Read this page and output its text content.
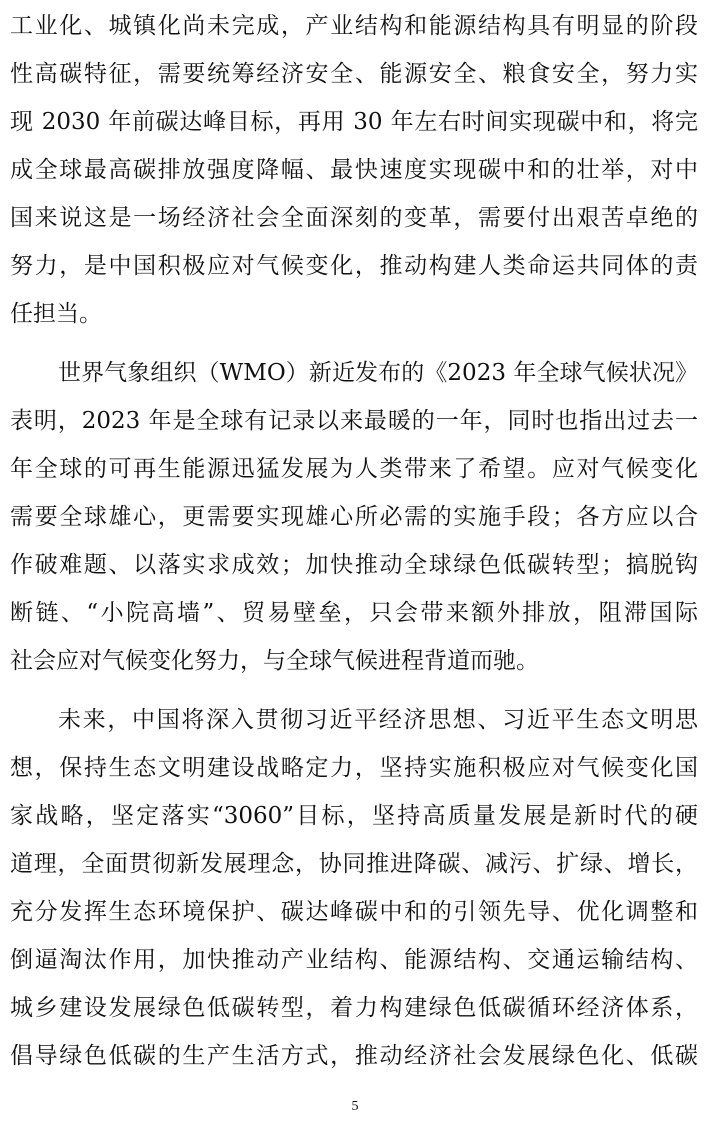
工业化、城镇化尚未完成，产业结构和能源结构具有明显的阶段
性高碳特征，需要统筹经济安全、能源安全、粮食安全，努力实
现 2030 年前碳达峰目标，再用 30 年左右时间实现碳中和，将完
成全球最高碳排放强度降幅、最快速度实现碳中和的壮举，对中
国来说这是一场经济社会全面深刻的变革，需要付出艰苦卓绝的
努力，是中国积极应对气候变化，推动构建人类命运共同体的责
任担当。
世界气象组织（WMO）新近发布的《2023 年全球气候状况》
表明，2023 年是全球有记录以来最暖的一年，同时也指出过去一
年全球的可再生能源迅猛发展为人类带来了希望。应对气候变化
需要全球雄心，更需要实现雄心所必需的实施手段；各方应以合
作破难题、以落实求成效；加快推动全球绿色低碳转型；搞脱钩
断链、“小院高墙”、贸易壁垒，只会带来额外排放，阻滞国际
社会应对气候变化努力，与全球气候进程背道而驰。
未来，中国将深入贯彻习近平经济思想、习近平生态文明思
想，保持生态文明建设战略定力，坚持实施积极应对气候变化国
家战略，坚定落实“3060”目标，坚持高质量发展是新时代的硬
道理，全面贯彻新发展理念，协同推进降碳、减污、扩绿、增长，
充分发挥生态环境保护、碳达峰碳中和的引领先导、优化调整和
倒逼淘汰作用，加快推动产业结构、能源结构、交通运输结构、
城乡建设发展绿色低碳转型，着力构建绿色低碳循环经济体系，
倡导绿色低碳的生产生活方式，推动经济社会发展绿色化、低碳
5
